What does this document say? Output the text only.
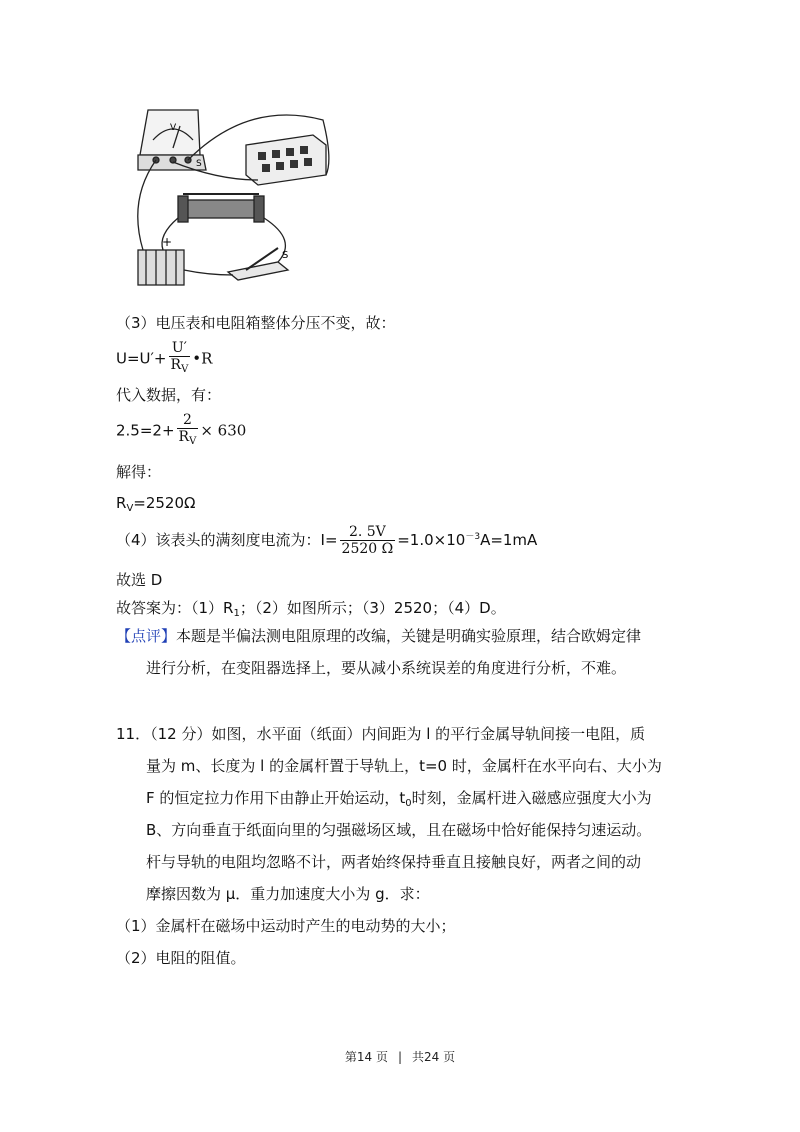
V
S
+
S
（3）电压表和电阻箱整体分压不变，故：
$U=U'+ \frac{U'}{R_V}$ •R
代入数据，有：
$2.5=2+ \frac{2}{R_V} \times 630$
解得：
$R_V=2520\Omega$
（4）该表头的满刻度电流为：$I= \frac{2. 5V}{2520 \Omega} =1.0\times 10^{-3}A=1mA$
故选 D
故答案为：$(1)R_1$；（2）如图所示；（3）2520；（4）D。
【点评】本题是半偏法测电阻原理的改编，关键是明确实验原理，结合欧姆定律
进行分析，在变阻器选择上，要从减小系统误差的角度进行分析，不难。
11．（12 分）如图，水平面（纸面）内间距为 l 的平行金属导轨间接一电阻，质
量为 m、长度为 l 的金属杆置于导轨上，t=0 时，金属杆在水平向右、大小为
F 的恒定拉力作用下由静止开始运动，$t_0$时刻，金属杆进入磁感应强度大小为
B、方向垂直于纸面向里的匀强磁场区域，且在磁场中恰好能保持匀速运动。
杆与导轨的电阻均忽略不计，两者始终保持垂直且接触良好，两者之间的动
摩擦因数为 μ．重力加速度大小为 g．求：
（1）金属杆在磁场中运动时产生的电动势的大小；
（2）电阻的阻值。
第14 页 | 共24 页
